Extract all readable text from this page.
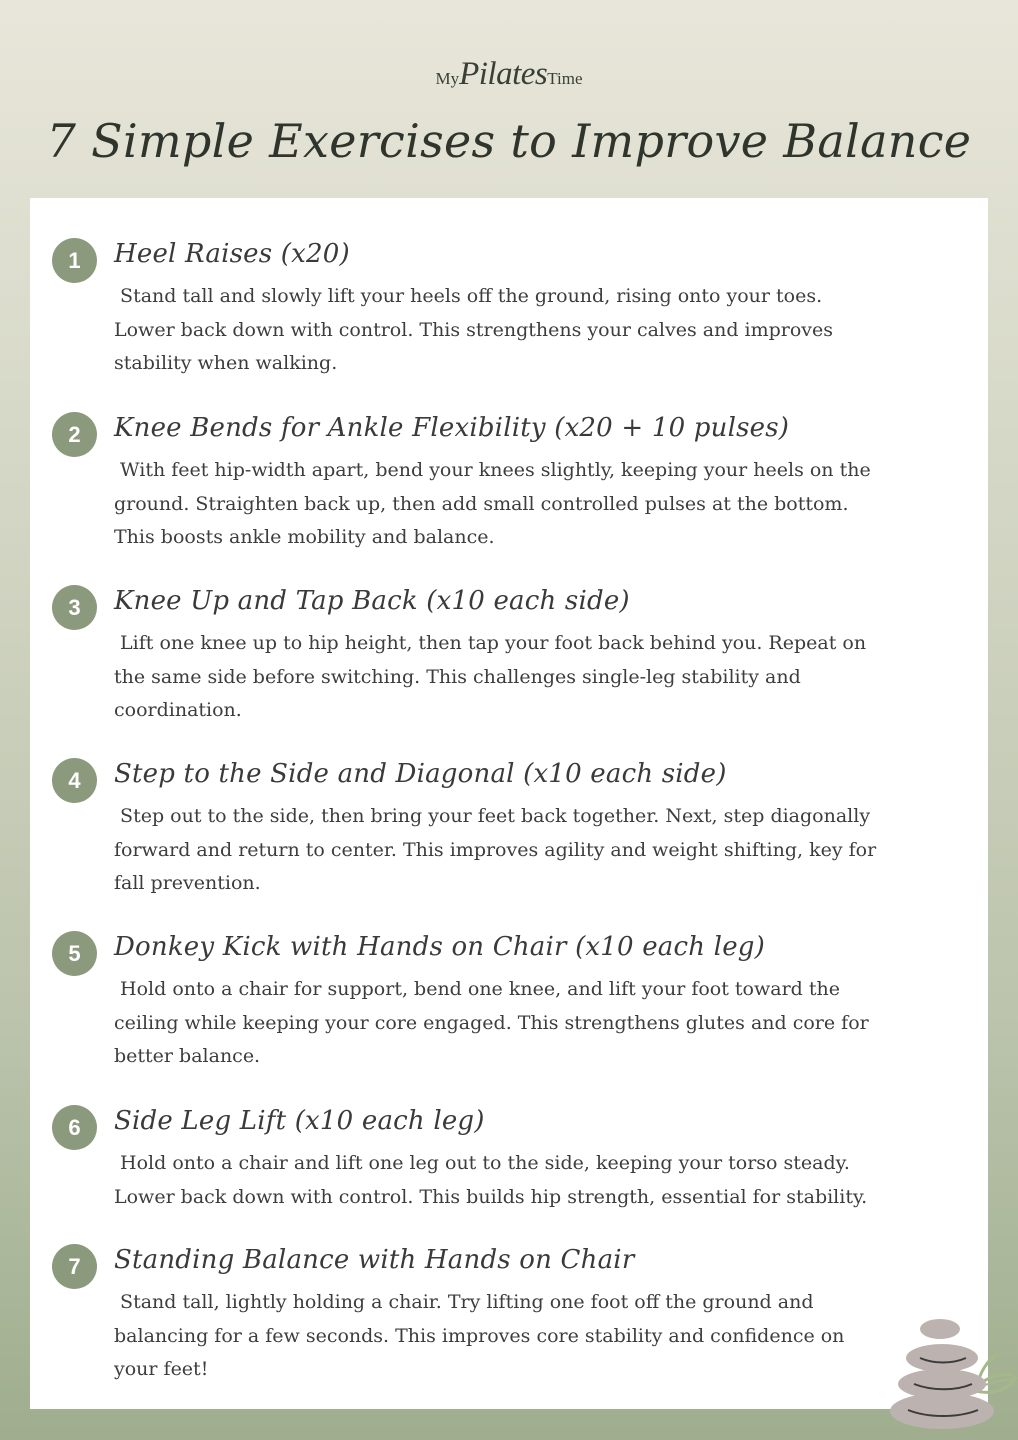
MyPilatesTime
7 Simple Exercises to Improve Balance
1	Heel Raises (x20)

Stand tall and slowly lift your heels off the ground, rising onto your toes.
Lower back down with control. This strengthens your calves and improves
stability when walking.

2	Knee Bends for Ankle Flexibility (x20 + 10 pulses)

With feet hip-width apart, bend your knees slightly, keeping your heels on the
ground. Straighten back up, then add small controlled pulses at the bottom.
This boosts ankle mobility and balance.

3	Knee Up and Tap Back (x10 each side)

Lift one knee up to hip height, then tap your foot back behind you. Repeat on
the same side before switching. This challenges single-leg stability and
coordination.

4	Step to the Side and Diagonal (x10 each side)

Step out to the side, then bring your feet back together. Next, step diagonally
forward and return to center. This improves agility and weight shifting, key for
fall prevention.

5	Donkey Kick with Hands on Chair (x10 each leg)

Hold onto a chair for support, bend one knee, and lift your foot toward the
ceiling while keeping your core engaged. This strengthens glutes and core for
better balance.

6	Side Leg Lift (x10 each leg)

Hold onto a chair and lift one leg out to the side, keeping your torso steady.
Lower back down with control. This builds hip strength, essential for stability.

7	Standing Balance with Hands on Chair

Stand tall, lightly holding a chair. Try lifting one foot off the ground and
balancing for a few seconds. This improves core stability and confidence on
your feet!
